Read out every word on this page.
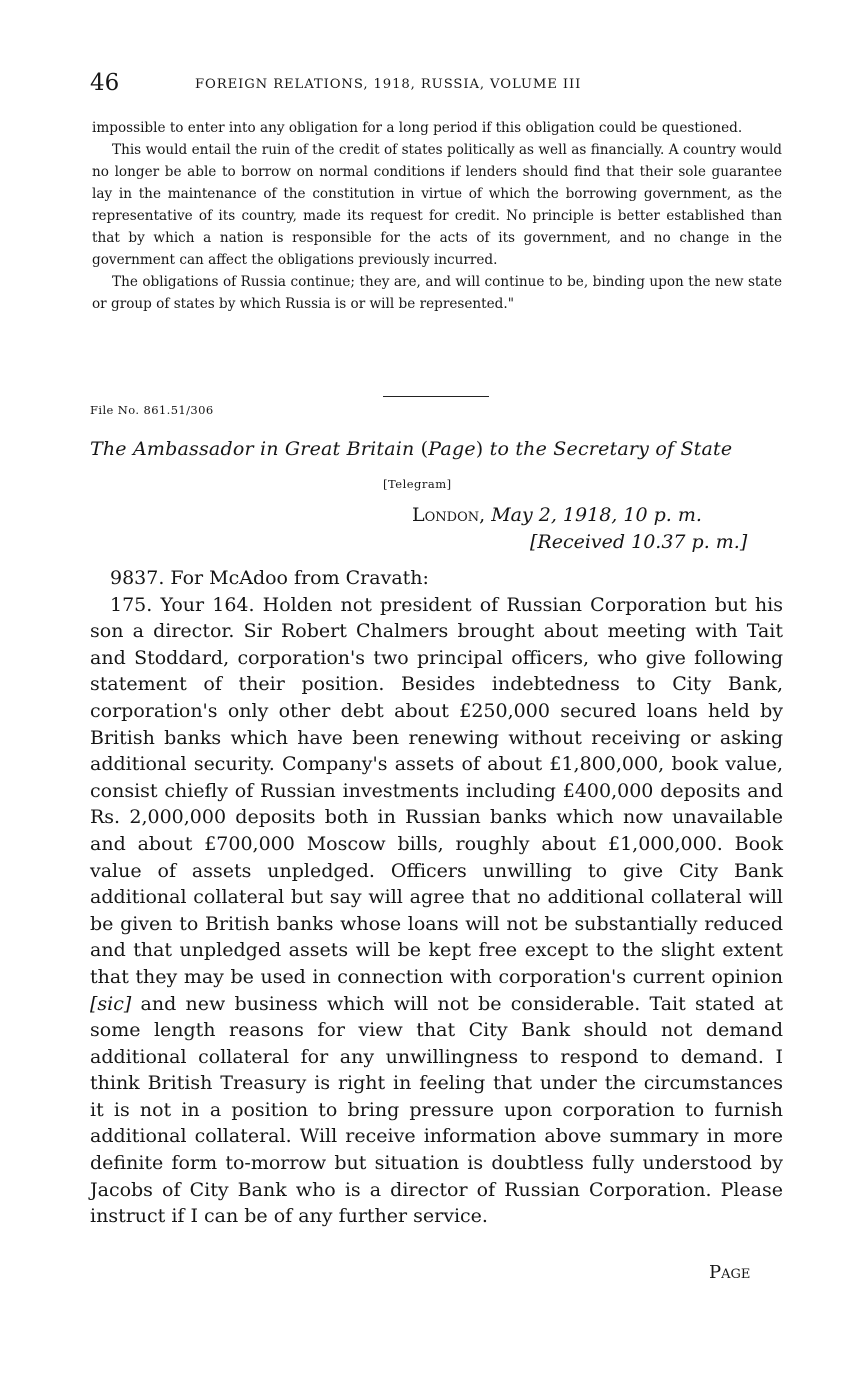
46	FOREIGN RELATIONS, 1918, RUSSIA, VOLUME III

impossible to enter into any obligation for a long period if this obligation could be questioned.

This would entail the ruin of the credit of states politically as well as financially. A country would no longer be able to borrow on normal conditions if lenders should find that their sole guarantee lay in the maintenance of the constitution in virtue of which the borrowing government, as the representative of its country, made its request for credit. No principle is better established than that by which a nation is responsible for the acts of its government, and no change in the government can affect the obligations previously incurred.

The obligations of Russia continue; they are, and will continue to be, binding upon the new state or group of states by which Russia is or will be represented."

File No. 861.51/306
The Ambassador in Great Britain (Page) to the Secretary of State
[Telegram]
London, May 2, 1918, 10 p. m.
[Received 10.37 p. m.]

9837. For McAdoo from Cravath:

175. Your 164. Holden not president of Russian Corporation but his son a director. Sir Robert Chalmers brought about meeting with Tait and Stoddard, corporation's two principal officers, who give following statement of their position. Besides indebtedness to City Bank, corporation's only other debt about £250,000 secured loans held by British banks which have been renewing without receiving or asking additional security. Company's assets of about £1,800,000, book value, consist chiefly of Russian investments including £400,000 deposits and Rs. 2,000,000 deposits both in Russian banks which now unavailable and about £700,000 Moscow bills, roughly about £1,000,000. Book value of assets unpledged. Officers unwilling to give City Bank additional collateral but say will agree that no additional collateral will be given to British banks whose loans will not be substantially reduced and that unpledged assets will be kept free except to the slight extent that they may be used in connection with corporation's current opinion [sic] and new business which will not be considerable. Tait stated at some length reasons for view that City Bank should not demand additional collateral for any unwillingness to respond to demand. I think British Treasury is right in feeling that under the circumstances it is not in a position to bring pressure upon corporation to furnish additional collateral. Will receive information above summary in more definite form to-morrow but situation is doubtless fully understood by Jacobs of City Bank who is a director of Russian Corporation. Please instruct if I can be of any further service.

Page
